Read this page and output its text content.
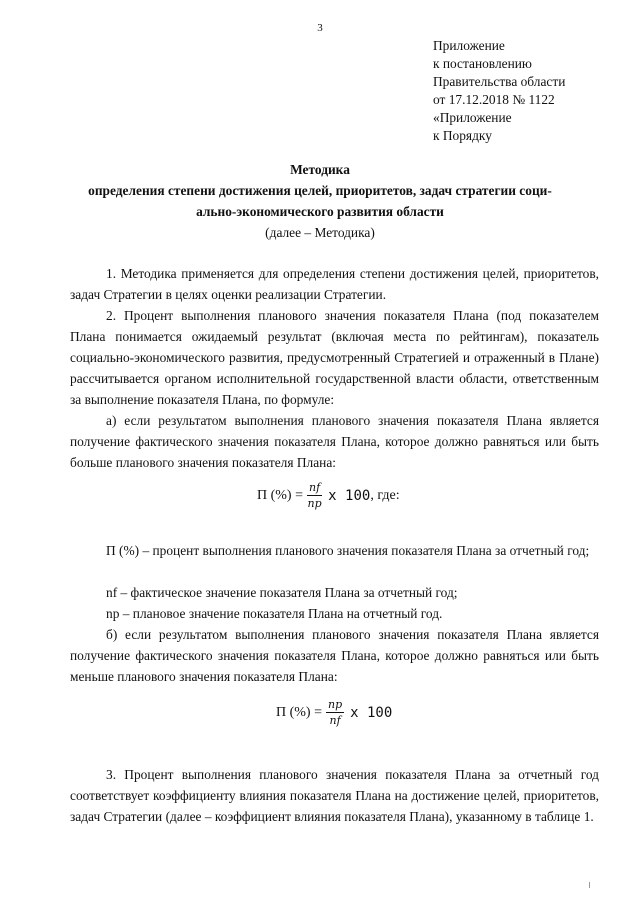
3
Приложение
к постановлению
Правительства области
от 17.12.2018 № 1122
«Приложение
к Порядку
Методика
определения степени достижения целей, приоритетов, задач стратегии соци-
ально-экономического развития области
(далее – Методика)

1. Методика применяется для определения степени достижения целей, приоритетов, задач Стратегии в целях оценки реализации Стратегии.

2. Процент выполнения планового значения показателя Плана (под показателем Плана понимается ожидаемый результат (включая места по рейтингам), показатель социально-экономического развития, предусмотренный Стратегией и отраженный в Плане) рассчитывается органом исполнительной государственной власти области, ответственным за выполнение показателя Плана, по формуле:

а) если результатом выполнения планового значения показателя Плана является получение фактического значения показателя Плана, которое должно равняться или быть больше планового значения показателя Плана:

П (%) = $\frac{nf}{np}$ x 100 , где:

П (%) – процент выполнения планового значения показателя Плана за отчетный год;

nf – фактическое значение показателя Плана за отчетный год;

np – плановое значение показателя Плана на отчетный год.

б) если результатом выполнения планового значения показателя Плана является получение фактического значения показателя Плана, которое должно равняться или быть меньше планового значения показателя Плана:

П (%) = $\frac{np}{nf}$ x 100

3. Процент выполнения планового значения показателя Плана за отчетный год соответствует коэффициенту влияния показателя Плана на достижение целей, приоритетов, задач Стратегии (далее – коэффициент влияния показателя Плана), указанному в таблице 1.
